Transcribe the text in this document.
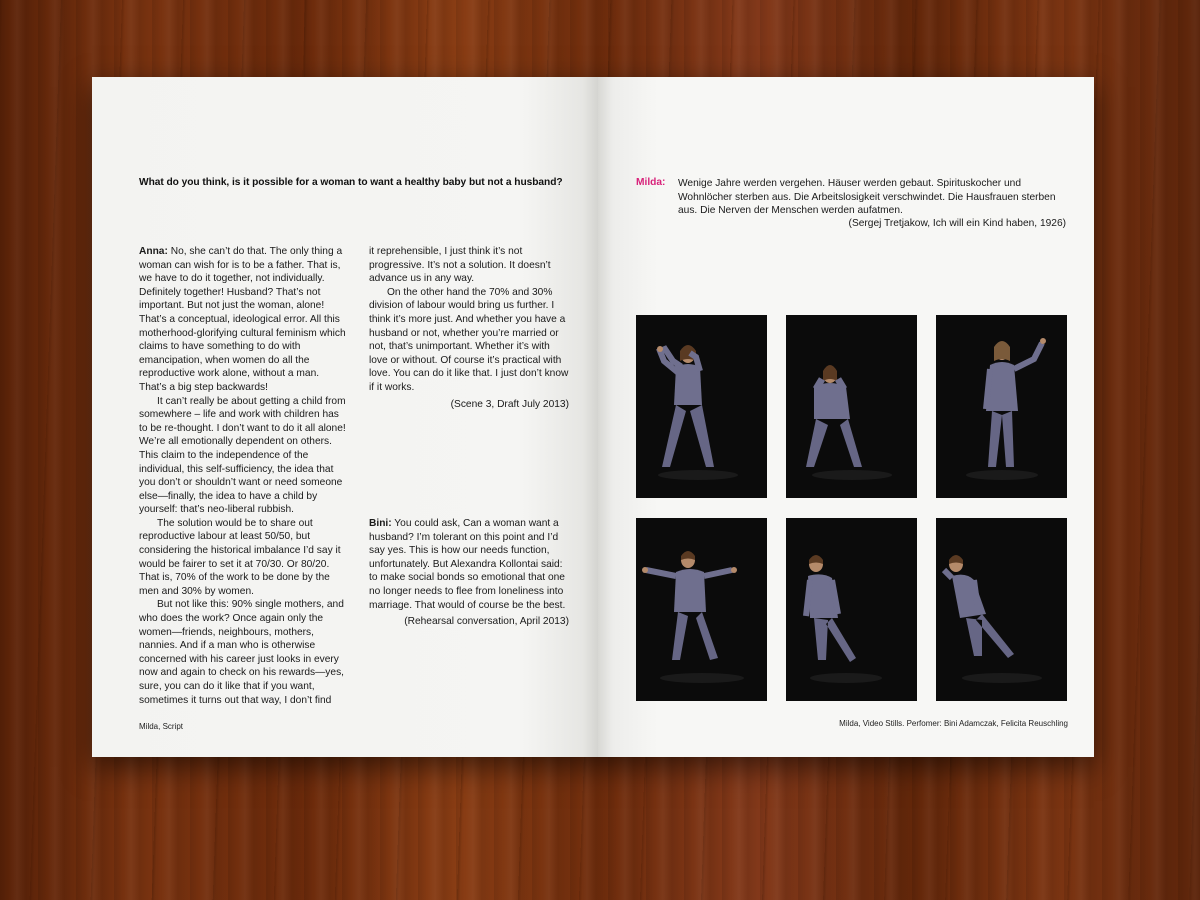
What do you think, is it possible for a woman to want a healthy baby but not a husband?

Anna: No, she can’t do that. The only thing a woman can wish for is to be a father. That is, we have to do it together, not individually. Definitely together! Husband? That’s not important. But not just the woman, alone! That’s a conceptual, ideological error. All this motherhood-glorifying cultural feminism which claims to have something to do with emancipation, when women do all the reproductive work alone, without a man. That’s a big step backwards!

It can’t really be about getting a child from somewhere – life and work with children has to be re-thought. I don’t want to do it all alone! We’re all emotionally dependent on others. This claim to the independence of the individual, this self-sufficiency, the idea that you don’t or shouldn’t want or need someone else—finally, the idea to have a child by yourself: that’s neo-liberal rubbish.

The solution would be to share out reproductive labour at least 50/50, but considering the historical imbalance I’d say it would be fairer to set it at 70/30. Or 80/20. That is, 70% of the work to be done by the men and 30% by women.

But not like this: 90% single mothers, and who does the work? Once again only the women—friends, neighbours, mothers, nannies. And if a man who is otherwise concerned with his career just looks in every now and again to check on his rewards—yes, sure, you can do it like that if you want, sometimes it turns out that way, I don’t find

it reprehensible, I just think it’s not progressive. It’s not a solution. It doesn’t advance us in any way.

On the other hand the 70% and 30% division of labour would bring us further. I think it’s more just. And whether you have a husband or not, whether you’re married or not, that’s unimportant. Whether it’s with love or without. Of course it’s practical with love. You can do it like that. I just don’t know if it works.

(Scene 3, Draft July 2013)

Bini: You could ask, Can a woman want a husband? I’m tolerant on this point and I’d say yes. This is how our needs function, unfortunately. But Alexandra Kollontai said: to make social bonds so emotional that one no longer needs to flee from loneliness into marriage. That would of course be the best.

(Rehearsal conversation, April 2013)
Milda, Script
Milda: Wenige Jahre werden vergehen. Häuser werden gebaut. Spirituskocher und Wohnlöcher sterben aus. Die Arbeitslosigkeit verschwindet. Die Hausfrauen sterben aus. Die Nerven der Menschen werden aufatmen.
(Sergej Tretjakow, Ich will ein Kind haben, 1926)
Milda, Video Stills. Perfomer: Bini Adamczak, Felicita Reuschling
